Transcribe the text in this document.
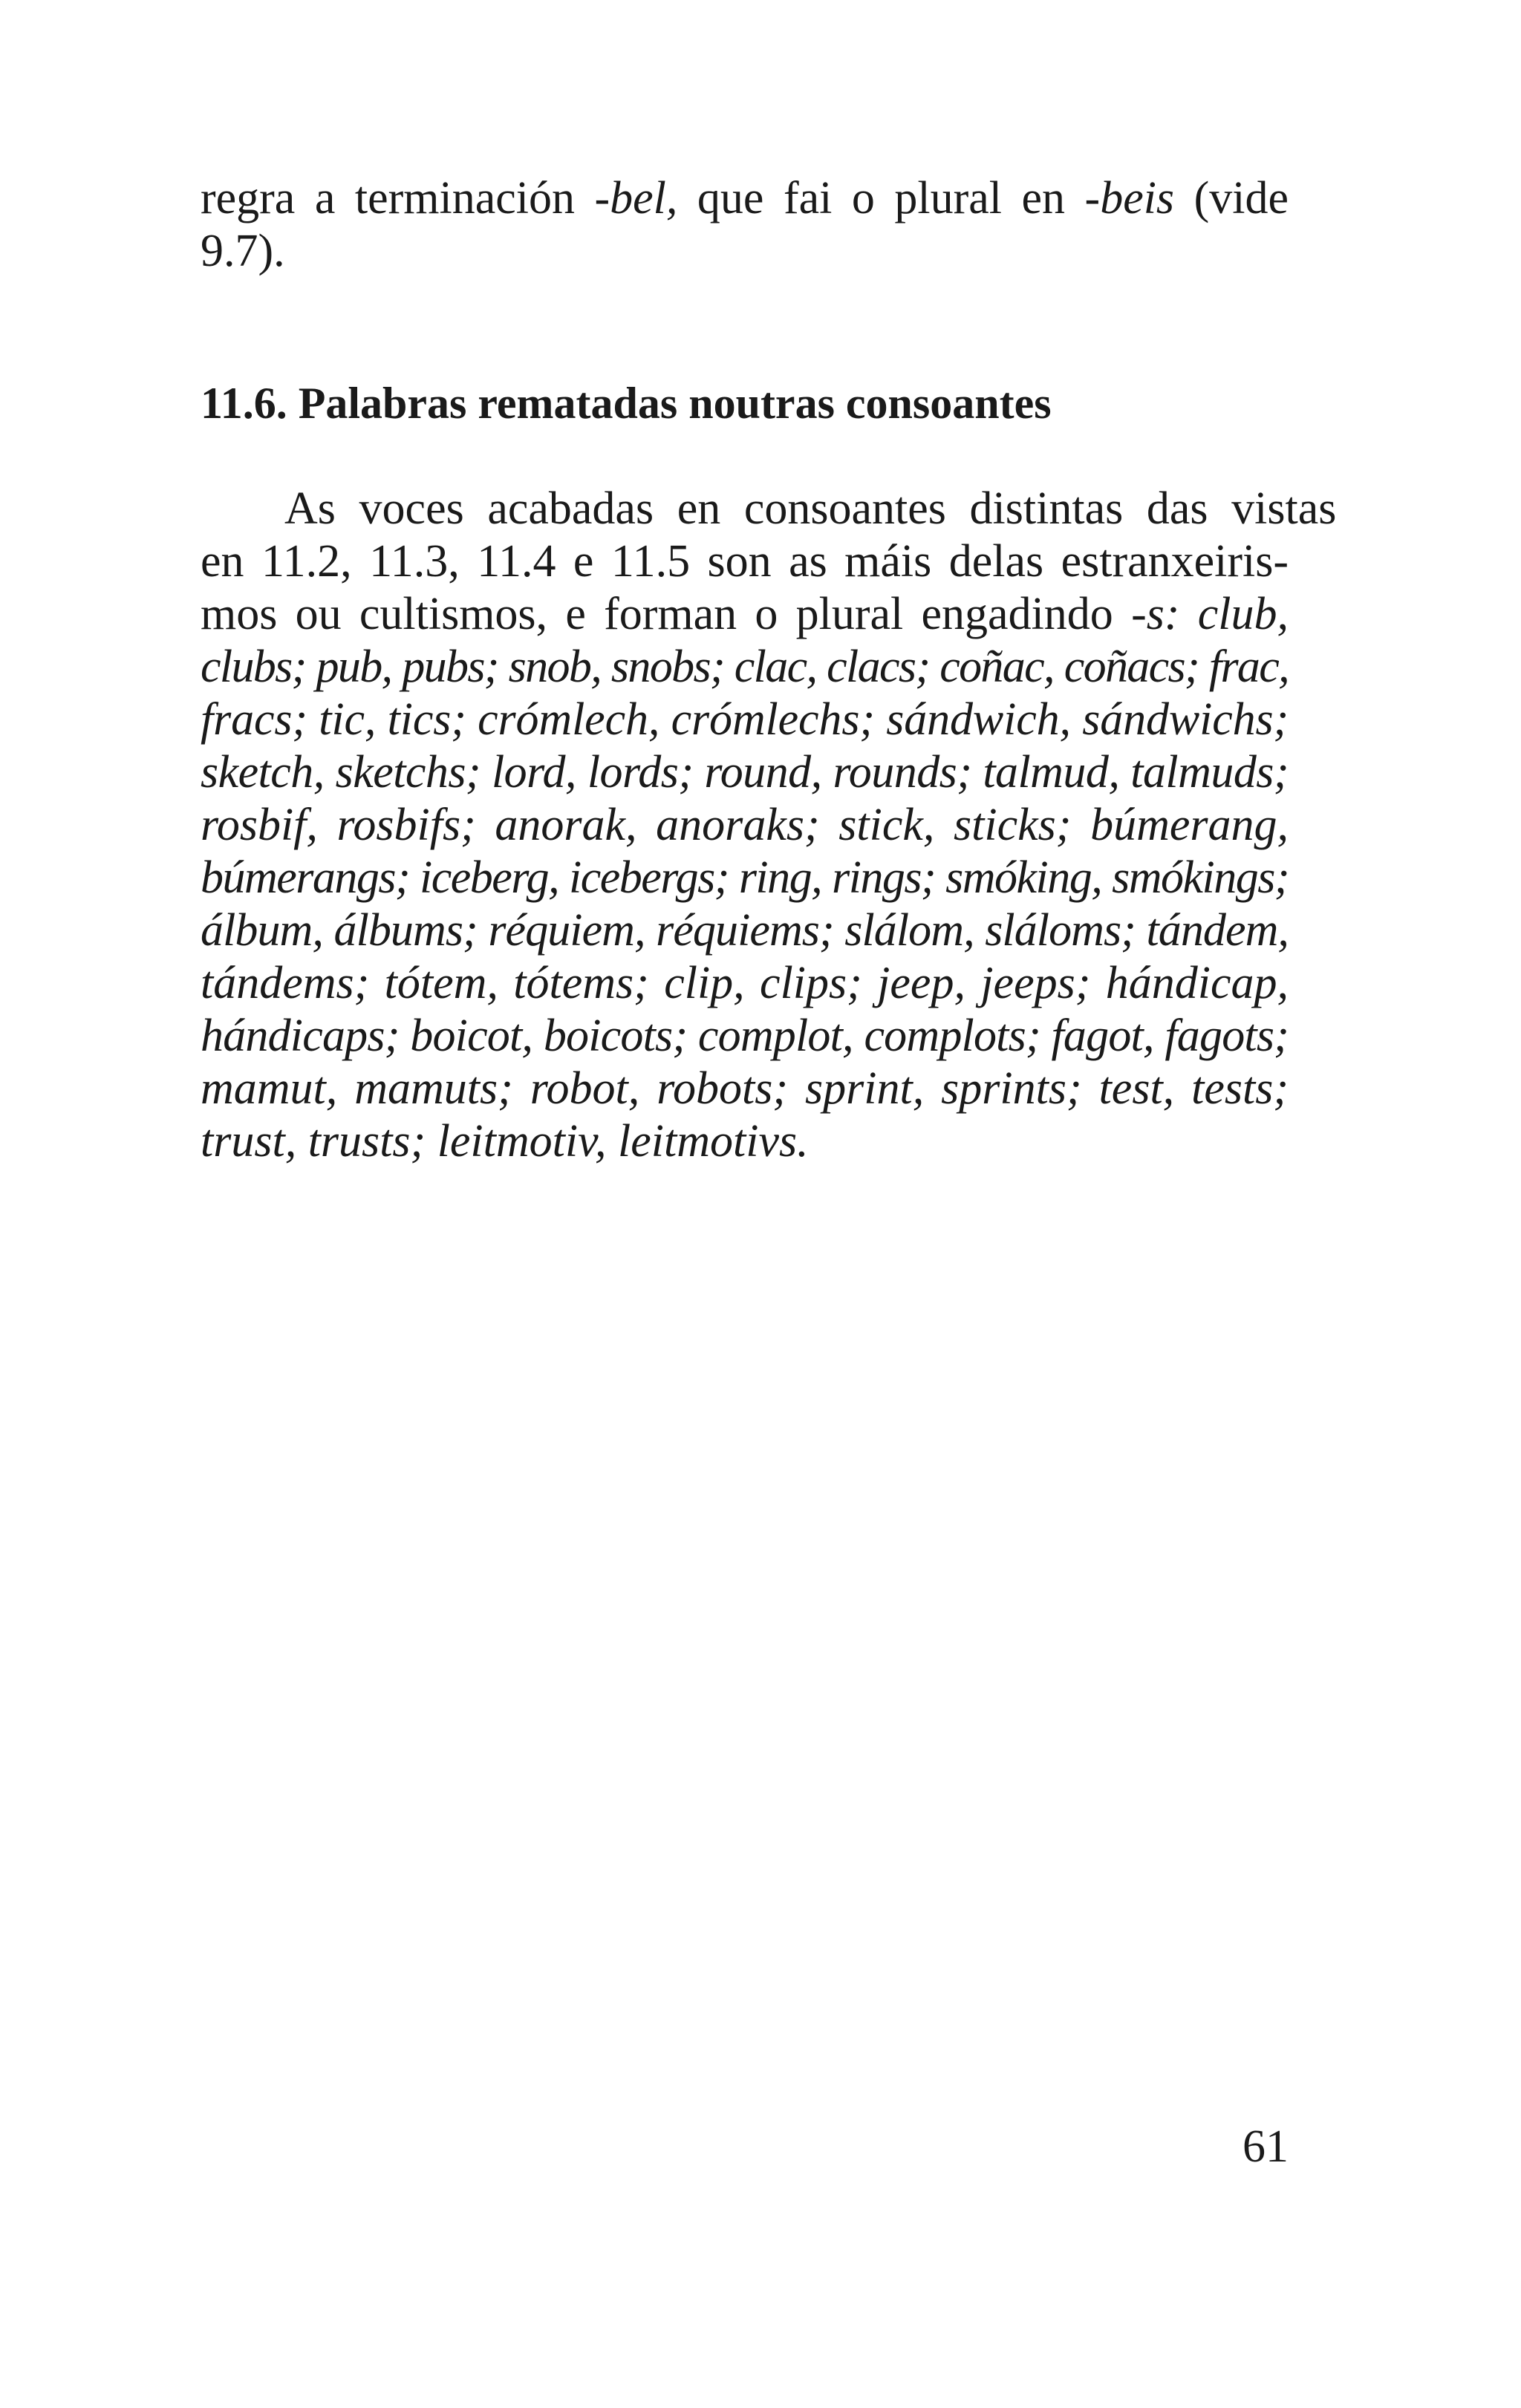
regra a terminación -bel, que fai o plural en -beis (vide
9.7).
11.6. Palabras rematadas noutras consoantes
As voces acabadas en consoantes distintas das vistas
en 11.2, 11.3, 11.4 e 11.5 son as máis delas estranxeiris-
mos ou cultismos, e forman o plural engadindo -s: club,
clubs; pub, pubs; snob, snobs; clac, clacs; coñac, coñacs; frac,
fracs; tic, tics; crómlech, crómlechs; sándwich, sándwichs;
sketch, sketchs; lord, lords; round, rounds; talmud, talmuds;
rosbif, rosbifs; anorak, anoraks; stick, sticks; búmerang,
búmerangs; iceberg, icebergs; ring, rings; smóking, smókings;
álbum, álbums; réquiem, réquiems; slálom, sláloms; tándem,
tándems; tótem, tótems; clip, clips; jeep, jeeps; hándicap,
hándicaps; boicot, boicots; complot, complots; fagot, fagots;
mamut, mamuts; robot, robots; sprint, sprints; test, tests;
trust, trusts; leitmotiv, leitmotivs.
61
